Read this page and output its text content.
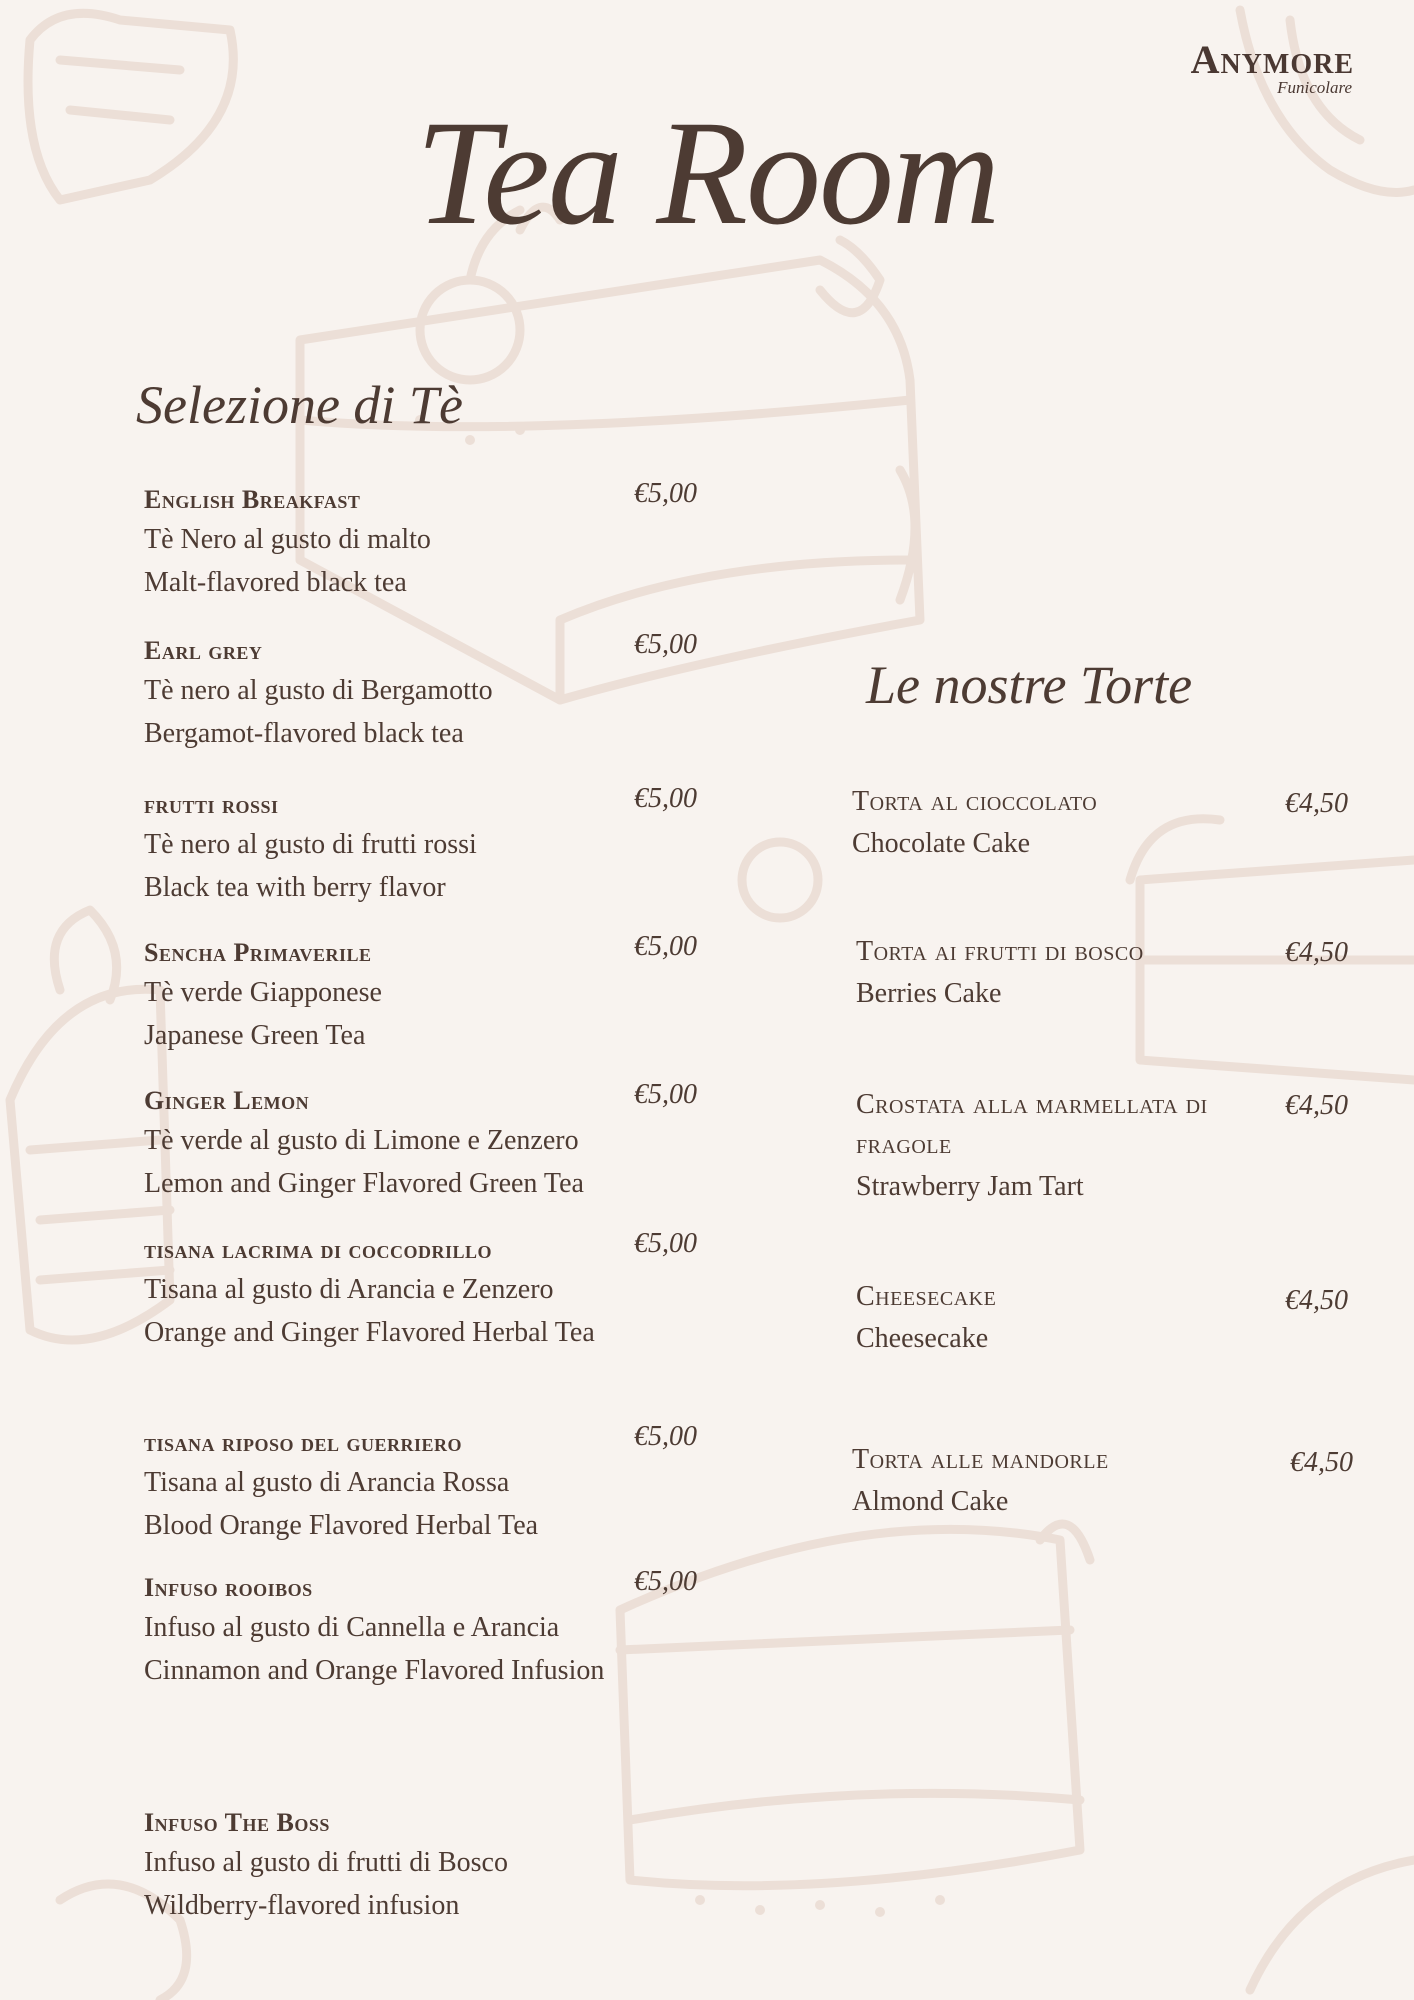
Anymore
Funicolare
Tea Room
Selezione di Tè
English Breakfast
Tè Nero al gusto di malto
Malt-flavored black tea
€5,00
Earl grey
Tè nero al gusto di Bergamotto
Bergamot-flavored black tea
€5,00
frutti rossi
Tè nero al gusto di frutti rossi
Black tea with berry flavor
€5,00
Sencha Primaverile
Tè verde Giapponese
Japanese Green Tea
€5,00
Ginger Lemon
Tè verde al gusto di Limone e Zenzero
Lemon and Ginger Flavored Green Tea
€5,00
tisana lacrima di coccodrillo
Tisana al gusto di Arancia e Zenzero
Orange and Ginger Flavored Herbal Tea
€5,00
tisana riposo del guerriero
Tisana al gusto di Arancia Rossa
Blood Orange Flavored Herbal Tea
€5,00
Infuso rooibos
Infuso al gusto di Cannella e Arancia
Cinnamon and Orange Flavored Infusion
€5,00
Infuso The Boss
Infuso al gusto di frutti di Bosco
Wildberry-flavored infusion
Le nostre Torte
Torta al cioccolato
Chocolate Cake
€4,50
Torta ai frutti di bosco
Berries Cake
€4,50
Crostata alla marmellata di fragole
Strawberry Jam Tart
€4,50
Cheesecake
Cheesecake
€4,50
Torta alle mandorle
Almond Cake
€4,50
